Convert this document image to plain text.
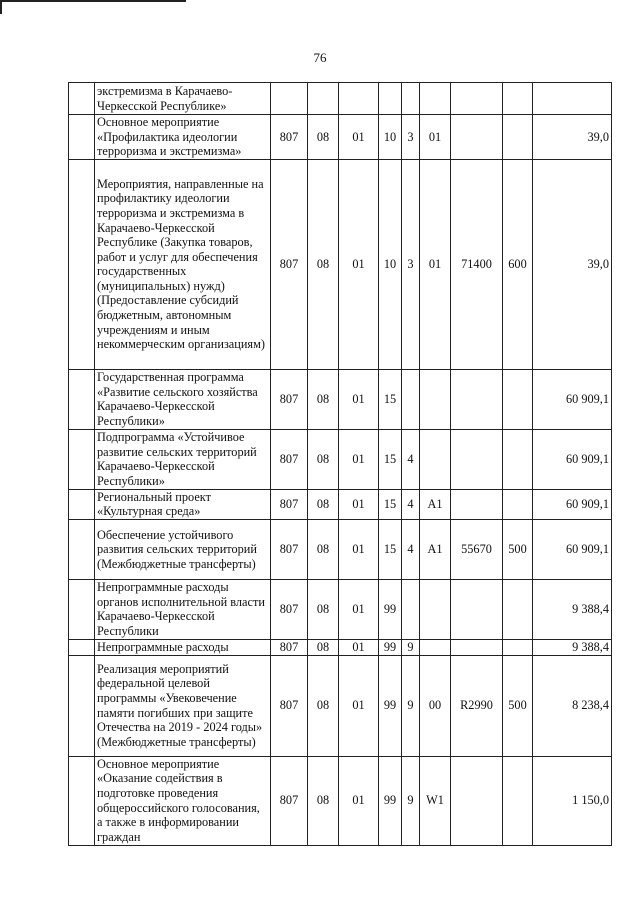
76
	экстремизма в Карачаево-Черкесской Республике»									
	Основное мероприятие «Профилактика идеологии терроризма и экстремизма»	807	08	01	10	3	01			39,0
	Мероприятия, направленные на профилактику идеологии терроризма и экстремизма в Карачаево-Черкесской Республике (Закупка товаров, работ и услуг для обеспечения государственных (муниципальных) нужд) (Предоставление субсидий бюджетным, автономным учреждениям и иным некоммерческим организациям)	807	08	01	10	3	01	71400	600	39,0
	Государственная программа «Развитие сельского хозяйства Карачаево-Черкесской Республики»	807	08	01	15					60 909,1
	Подпрограмма «Устойчивое развитие сельских территорий Карачаево-Черкесской Республики»	807	08	01	15	4				60 909,1
	Региональный проект «Культурная среда»	807	08	01	15	4	A1			60 909,1
	Обеспечение устойчивого развития сельских территорий (Межбюджетные трансферты)	807	08	01	15	4	A1	55670	500	60 909,1
	Непрограммные расходы органов исполнительной власти Карачаево-Черкесской Республики	807	08	01	99					9 388,4
	Непрограммные расходы	807	08	01	99	9				9 388,4
	Реализация мероприятий федеральной целевой программы «Увековечение памяти погибших при защите Отечества на 2019 - 2024 годы» (Межбюджетные трансферты)	807	08	01	99	9	00	R2990	500	8 238,4
	Основное мероприятие «Оказание содействия в подготовке проведения общероссийского голосования, а также в информировании граждан	807	08	01	99	9	W1			1 150,0
